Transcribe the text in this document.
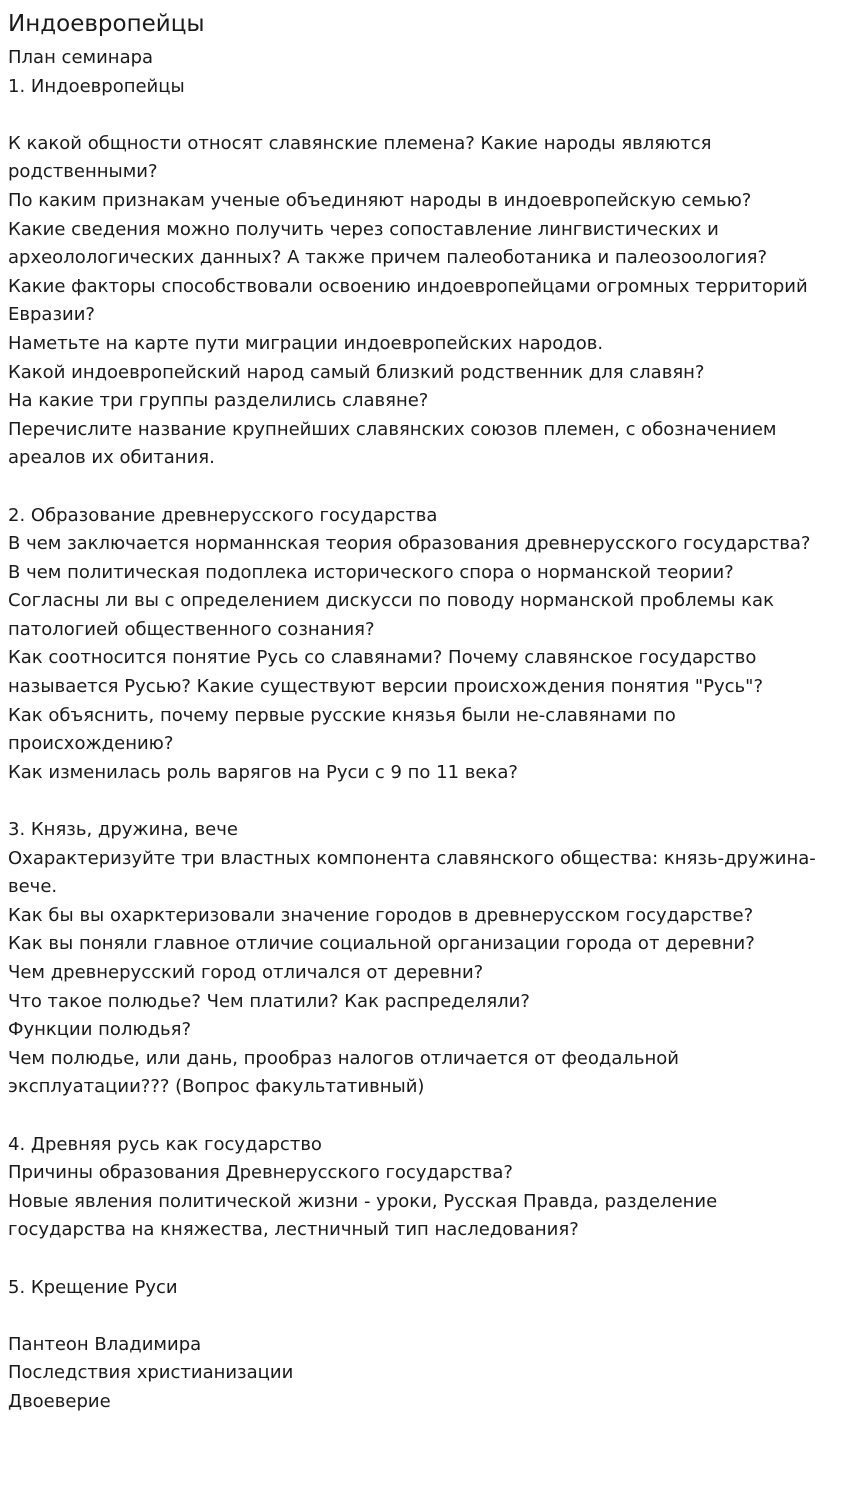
Индоевропейцы
План семинара
1. Индоевропейцы
К какой общности относят славянские племена? Какие народы являются родственными?
По каким признакам ученые объединяют народы в индоевропейскую семью?
Какие сведения можно получить через сопоставление лингвистических и археолологических данных? А также причем палеоботаника и палеозоология?
Какие факторы способствовали освоению индоевропейцами огромных территорий Евразии?
Наметьте на карте пути миграции индоевропейских народов.
Какой индоевропейский народ самый близкий родственник для славян?
На какие три группы разделились славяне?
Перечислите название крупнейших славянских союзов племен, с обозначением ареалов их обитания.
2. Образование древнерусского государства
В чем заключается норманнская теория образования древнерусского государства?
В чем политическая подоплека исторического спора о норманской теории?
Согласны ли вы с определением дискусси по поводу норманской проблемы как патологией общественного сознания?
Как соотносится понятие Русь со славянами? Почему славянское государство называется Русью? Какие существуют версии происхождения понятия "Русь"?
Как объяснить, почему первые русские князья были не-славянами по происхождению?
Как изменилась роль варягов на Руси с 9 по 11 века?
3. Князь, дружина, вече
Охарактеризуйте три властных компонента славянского общества: князь-дружина-вече.
Как бы вы охарктеризовали значение городов в древнерусском государстве?
Как вы поняли главное отличие социальной организации города от деревни?
Чем древнерусский город отличался от деревни?
Что такое полюдье? Чем платили? Как распределяли?
Функции полюдья?
Чем полюдье, или дань, прообраз налогов отличается от феодальной эксплуатации??? (Вопрос факультативный)
4. Древняя русь как государство
Причины образования Древнерусского государства?
Новые явления политической жизни - уроки, Русская Правда, разделение государства на княжества, лестничный тип наследования?
5. Крещение Руси
Пантеон Владимира
Последствия христианизации
Двоеверие
